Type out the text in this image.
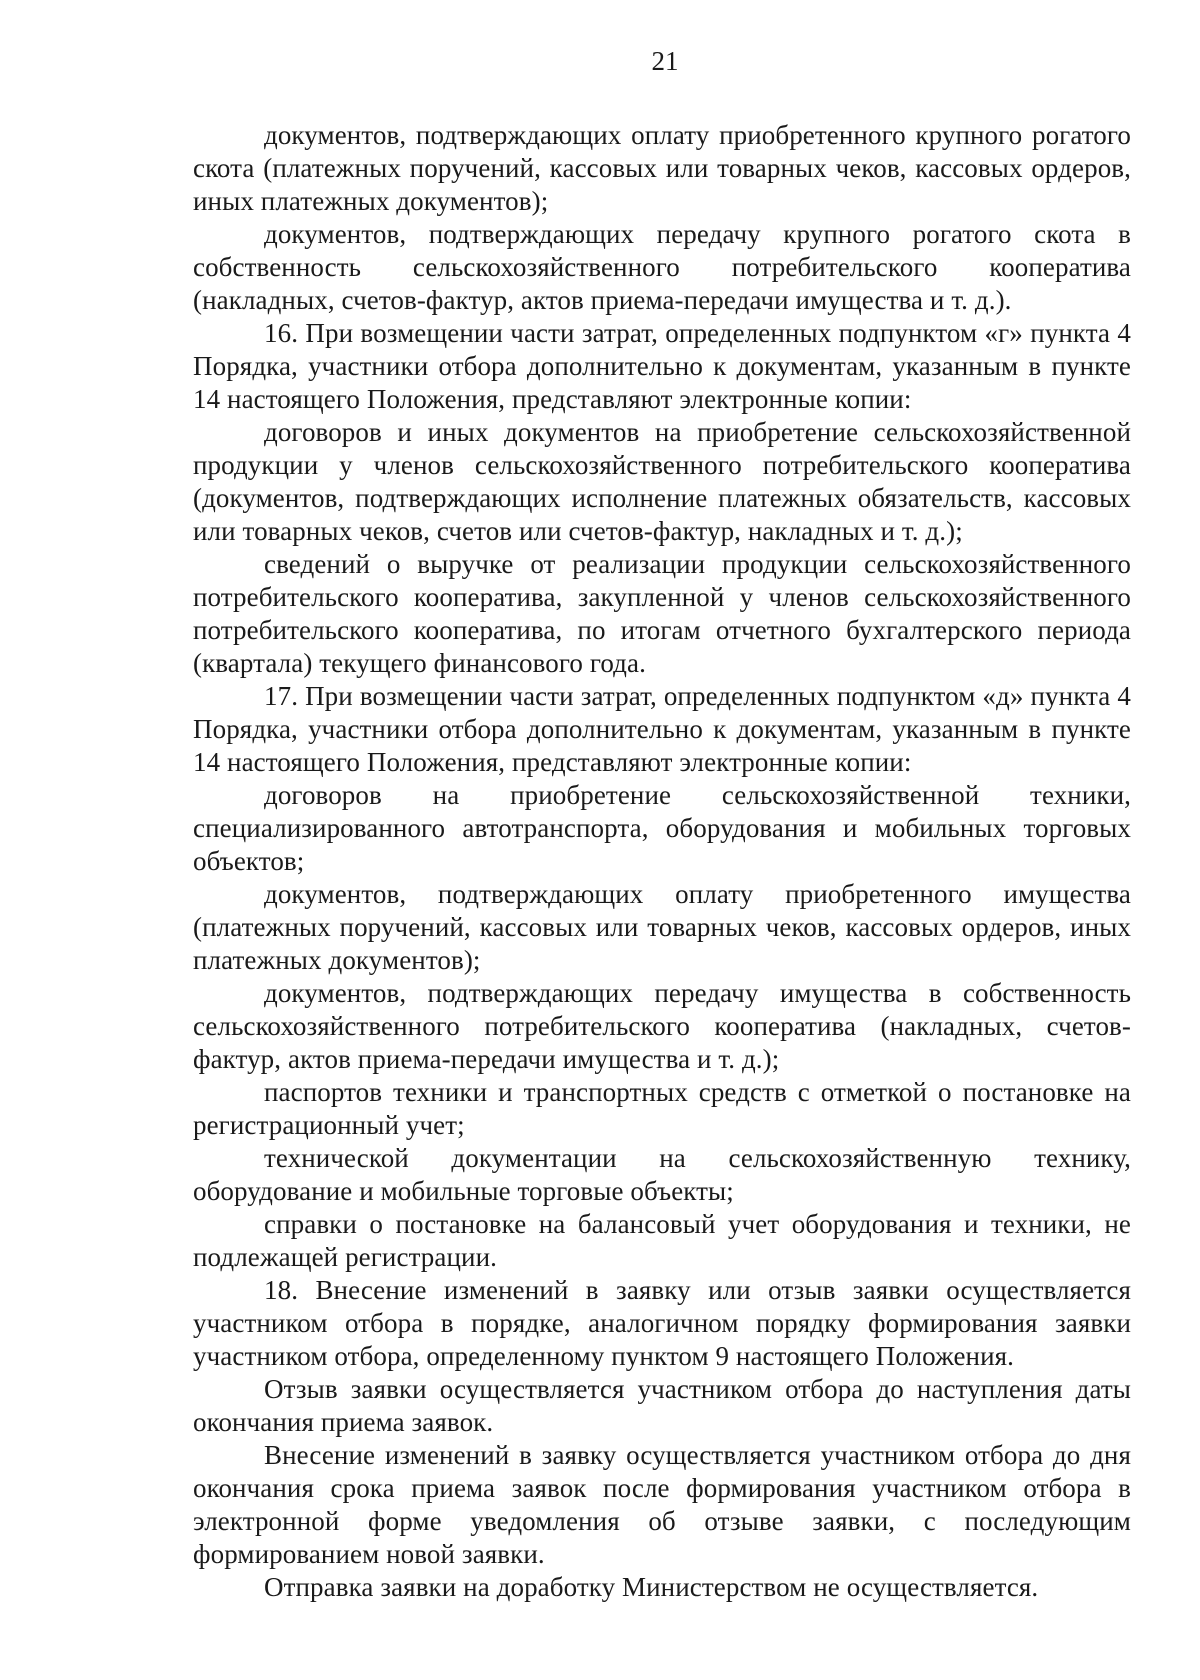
21

документов, подтверждающих оплату приобретенного крупного рогатого скота (платежных поручений, кассовых или товарных чеков, кассовых ордеров, иных платежных документов);

документов, подтверждающих передачу крупного рогатого скота в собственность сельскохозяйственного потребительского кооператива (накладных, счетов-фактур, актов приема-передачи имущества и т. д.).

16. При возмещении части затрат, определенных подпунктом «г» пункта 4 Порядка, участники отбора дополнительно к документам, указанным в пункте 14 настоящего Положения, представляют электронные копии:

договоров и иных документов на приобретение сельскохозяйственной продукции у членов сельскохозяйственного потребительского кооператива (документов, подтверждающих исполнение платежных обязательств, кассовых или товарных чеков, счетов или счетов-фактур, накладных и т. д.);

сведений о выручке от реализации продукции сельскохозяйственного потребительского кооператива, закупленной у членов сельскохозяйственного потребительского кооператива, по итогам отчетного бухгалтерского периода (квартала) текущего финансового года.

17. При возмещении части затрат, определенных подпунктом «д» пункта 4 Порядка, участники отбора дополнительно к документам, указанным в пункте 14 настоящего Положения, представляют электронные копии:

договоров на приобретение сельскохозяйственной техники, специализированного автотранспорта, оборудования и мобильных торговых объектов;

документов, подтверждающих оплату приобретенного имущества (платежных поручений, кассовых или товарных чеков, кассовых ордеров, иных платежных документов);

документов, подтверждающих передачу имущества в собственность сельскохозяйственного потребительского кооператива (накладных, счетов-фактур, актов приема-передачи имущества и т. д.);

паспортов техники и транспортных средств с отметкой о постановке на регистрационный учет;

технической документации на сельскохозяйственную технику, оборудование и мобильные торговые объекты;

справки о постановке на балансовый учет оборудования и техники, не подлежащей регистрации.

18. Внесение изменений в заявку или отзыв заявки осуществляется участником отбора в порядке, аналогичном порядку формирования заявки участником отбора, определенному пунктом 9 настоящего Положения.

Отзыв заявки осуществляется участником отбора до наступления даты окончания приема заявок.

Внесение изменений в заявку осуществляется участником отбора до дня окончания срока приема заявок после формирования участником отбора в электронной форме уведомления об отзыве заявки, с последующим формированием новой заявки.

Отправка заявки на доработку Министерством не осуществляется.
